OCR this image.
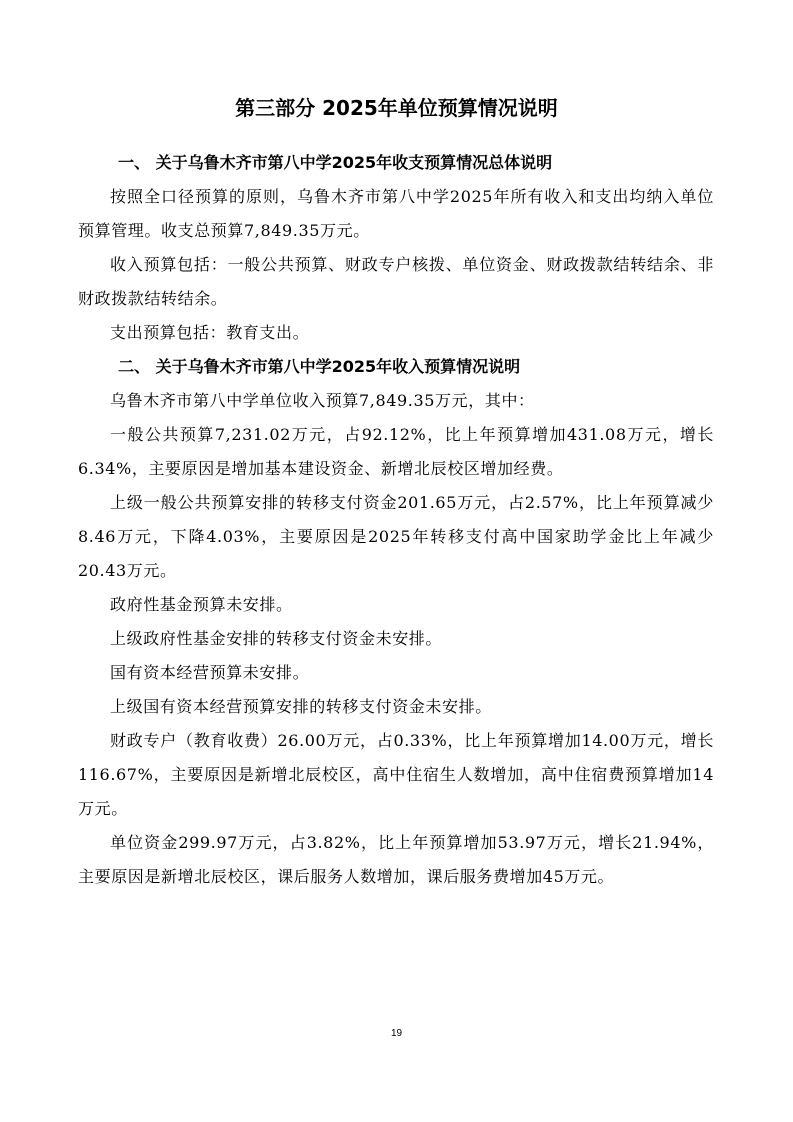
第三部分 2025年单位预算情况说明
一、 关于乌鲁木齐市第八中学2025年收支预算情况总体说明

按照全口径预算的原则，乌鲁木齐市第八中学2025年所有收入和支出均纳入单位预算管理。收支总预算7,849.35万元。

收入预算包括：一般公共预算、财政专户核拨、单位资金、财政拨款结转结余、非财政拨款结转结余。

支出预算包括：教育支出。

二、 关于乌鲁木齐市第八中学2025年收入预算情况说明

乌鲁木齐市第八中学单位收入预算7,849.35万元，其中：

一般公共预算7,231.02万元，占92.12%，比上年预算增加431.08万元，增长6.34%，主要原因是增加基本建设资金、新增北辰校区增加经费。

上级一般公共预算安排的转移支付资金201.65万元，占2.57%，比上年预算减少8.46万元，下降4.03%，主要原因是2025年转移支付高中国家助学金比上年减少20.43万元。

政府性基金预算未安排。

上级政府性基金安排的转移支付资金未安排。

国有资本经营预算未安排。

上级国有资本经营预算安排的转移支付资金未安排。

财政专户（教育收费）26.00万元，占0.33%，比上年预算增加14.00万元，增长116.67%，主要原因是新增北辰校区，高中住宿生人数增加，高中住宿费预算增加14万元。

单位资金299.97万元，占3.82%，比上年预算增加53.97万元，增长21.94%，主要原因是新增北辰校区，课后服务人数增加，课后服务费增加45万元。

19
